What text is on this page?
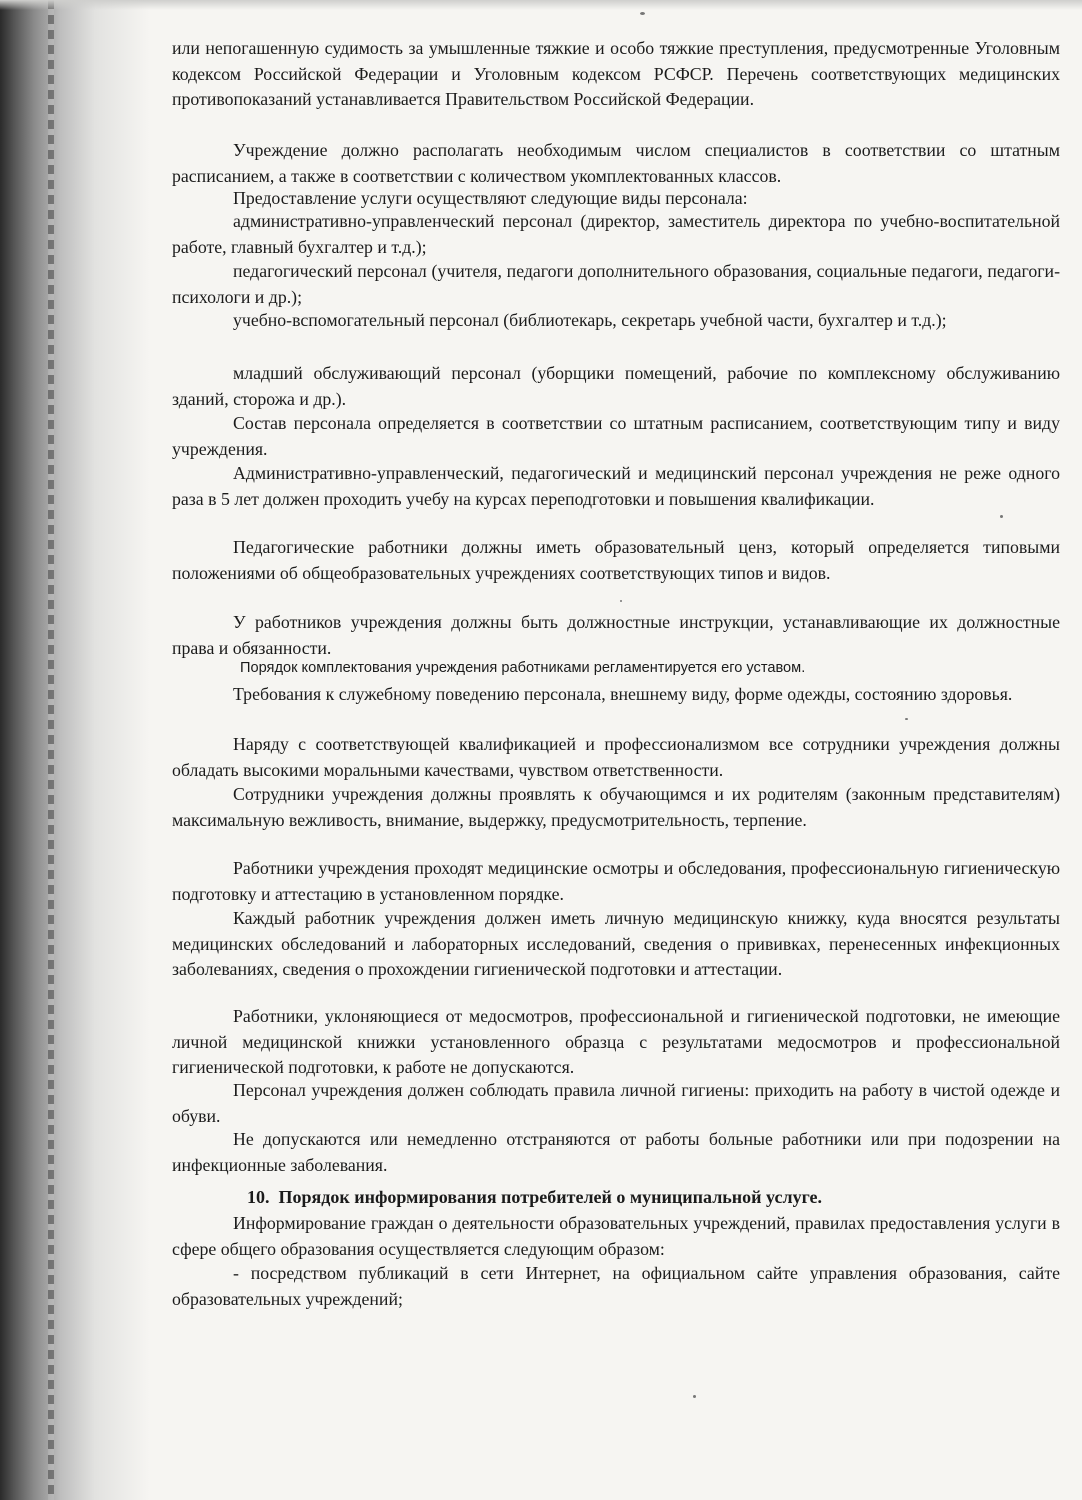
или непогашенную судимость за умышленные тяжкие и особо тяжкие преступления, предусмотренные Уголовным кодексом Российской Федерации и Уголовным кодексом РСФСР. Перечень соответствующих медицинских противопоказаний устанавливается Правительством Российской Федерации.

Учреждение должно располагать необходимым числом специалистов в соответствии со штатным расписанием, а также в соответствии с количеством укомплектованных классов.

Предоставление услуги осуществляют следующие виды персонала:

административно-управленческий персонал (директор, заместитель директора по учебно-воспитательной работе, главный бухгалтер и т.д.);

педагогический персонал (учителя, педагоги дополнительного образования, социальные педагоги, педагоги-психологи и др.);

учебно-вспомогательный персонал (библиотекарь, секретарь учебной части, бухгалтер и т.д.);

младший обслуживающий персонал (уборщики помещений, рабочие по комплексному обслуживанию зданий, сторожа и др.).

Состав персонала определяется в соответствии со штатным расписанием, соответствующим типу и виду учреждения.

Административно-управленческий, педагогический и медицинский персонал учреждения не реже одного раза в 5 лет должен проходить учебу на курсах переподготовки и повышения квалификации.

Педагогические работники должны иметь образовательный ценз, который определяется типовыми положениями об общеобразовательных учреждениях соответствующих типов и видов.

У работников учреждения должны быть должностные инструкции, устанавливающие их должностные права и обязанности.

Порядок комплектования учреждения работниками регламентируется его уставом.

Требования к служебному поведению персонала, внешнему виду, форме одежды, состоянию здоровья.

Наряду с соответствующей квалификацией и профессионализмом все сотрудники учреждения должны обладать высокими моральными качествами, чувством ответственности.

Сотрудники учреждения должны проявлять к обучающимся и их родителям (законным представителям) максимальную вежливость, внимание, выдержку, предусмотрительность, терпение.

Работники учреждения проходят медицинские осмотры и обследования, профессиональную гигиеническую подготовку и аттестацию в установленном порядке.

Каждый работник учреждения должен иметь личную медицинскую книжку, куда вносятся результаты медицинских обследований и лабораторных исследований, сведения о прививках, перенесенных инфекционных заболеваниях, сведения о прохождении гигиенической подготовки и аттестации.

Работники, уклоняющиеся от медосмотров, профессиональной и гигиенической подготовки, не имеющие личной медицинской книжки установленного образца с результатами медосмотров и профессиональной гигиенической подготовки, к работе не допускаются.

Персонал учреждения должен соблюдать правила личной гигиены: приходить на работу в чистой одежде и обуви.

Не допускаются или немедленно отстраняются от работы больные работники или при подозрении на инфекционные заболевания.

10. Порядок информирования потребителей о муниципальной услуге.

Информирование граждан о деятельности образовательных учреждений, правилах предоставления услуги в сфере общего образования осуществляется следующим образом:

- посредством публикаций в сети Интернет, на официальном сайте управления образования, сайте образовательных учреждений;
